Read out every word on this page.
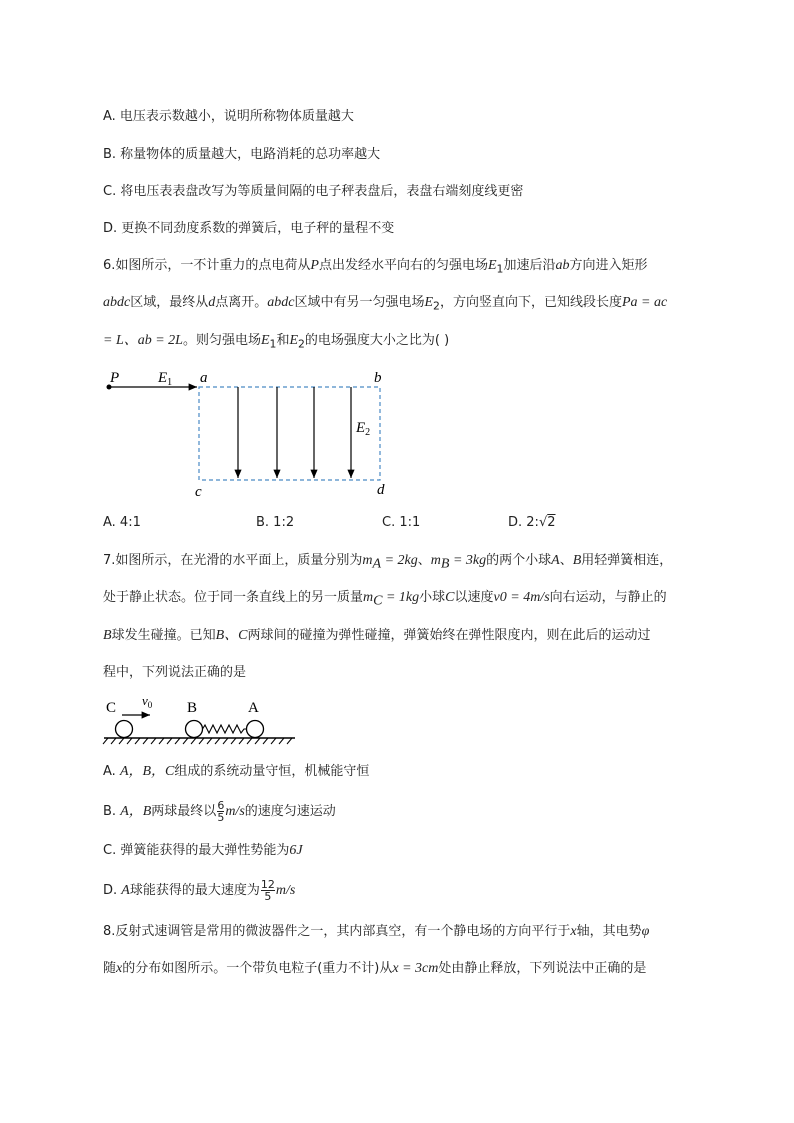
A. 电压表示数越小，说明所称物体质量越大
B. 称量物体的质量越大，电路消耗的总功率越大
C. 将电压表表盘改写为等质量间隔的电子秤表盘后，表盘右端刻度线更密
D. 更换不同劲度系数的弹簧后，电子秤的量程不变
6.如图所示，一不计重力的点电荷从P点出发经水平向右的匀强电场$E_1$加速后沿ab方向进入矩形
abdc区域，最终从d点离开。abdc区域中有另一匀强电场$E_2$，方向竖直向下，已知线段长度Pa = ac
= L、ab = 2L。则匀强电场$E_1$和$E_2$的电场强度大小之比为( )
P	$E_1$ a	b
$E_2$
c	d
A. 4:1	B. 1:2	C. 1:1	D. 2:√2
7.如图所示，在光滑的水平面上，质量分别为$m_A = 2kg$、$m_B = 3kg$的两个小球A、B用轻弹簧相连，
处于静止状态。位于同一条直线上的另一质量$m_C = 1kg$小球C以速度v0 = 4m/s向右运动，与静止的
B球发生碰撞。已知B、C两球间的碰撞为弹性碰撞，弹簧始终在弹性限度内，则在此后的运动过
程中，下列说法正确的是
C $v_0$ B	A
A. A，B，C组成的系统动量守恒，机械能守恒
B. A，B两球最终以 $\frac{6}{5} m/s$的速度匀速运动
C. 弹簧能获得的最大弹性势能为6J
D. A球能获得的最大速度为 $\frac{12}{5} m/s$
8.反射式速调管是常用的微波器件之一，其内部真空，有一个静电场的方向平行于x轴，其电势φ
随x的分布如图所示。一个带负电粒子(重力不计)从x = 3cm处由静止释放，下列说法中正确的是
